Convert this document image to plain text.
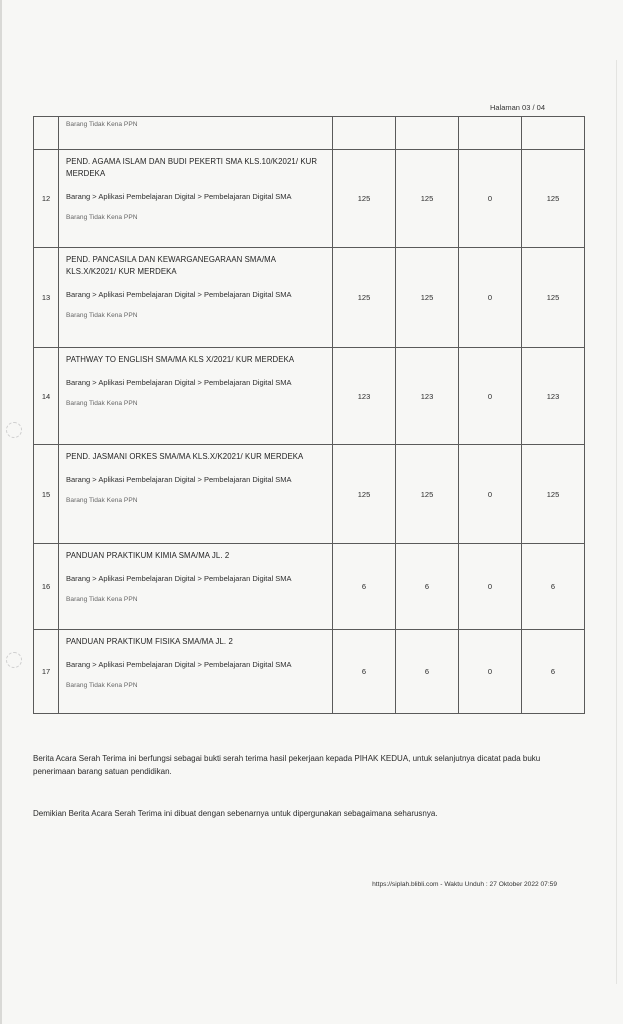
Halaman 03 / 04

	Barang Tidak Kena PPN				

12	PEND. AGAMA ISLAM DAN BUDI PEKERTI SMA KLS.10/K2021/ KUR MERDEKA
Barang > Aplikasi Pembelajaran Digital > Pembelajaran Digital SMA
Barang Tidak Kena PPN	125	125	0	125
13	PEND. PANCASILA DAN KEWARGANEGARAAN SMA/MA KLS.X/K2021/ KUR MERDEKA
Barang > Aplikasi Pembelajaran Digital > Pembelajaran Digital SMA
Barang Tidak Kena PPN	125	125	0	125
14	PATHWAY TO ENGLISH SMA/MA KLS X/2021/ KUR MERDEKA
Barang > Aplikasi Pembelajaran Digital > Pembelajaran Digital SMA
Barang Tidak Kena PPN	123	123	0	123
15	PEND. JASMANI ORKES SMA/MA KLS.X/K2021/ KUR MERDEKA
Barang > Aplikasi Pembelajaran Digital > Pembelajaran Digital SMA
Barang Tidak Kena PPN	125	125	0	125
16	PANDUAN PRAKTIKUM KIMIA SMA/MA JL. 2
Barang > Aplikasi Pembelajaran Digital > Pembelajaran Digital SMA
Barang Tidak Kena PPN	6	6	0	6
17	PANDUAN PRAKTIKUM FISIKA SMA/MA JL. 2
Barang > Aplikasi Pembelajaran Digital > Pembelajaran Digital SMA
Barang Tidak Kena PPN	6	6	0	6
Berita Acara Serah Terima ini berfungsi sebagai bukti serah terima hasil pekerjaan kepada PIHAK KEDUA, untuk selanjutnya dicatat pada buku penerimaan barang satuan pendidikan.
Demikian Berita Acara Serah Terima ini dibuat dengan sebenarnya untuk dipergunakan sebagaimana seharusnya.
https://siplah.blibli.com - Waktu Unduh : 27 Oktober 2022 07:59
